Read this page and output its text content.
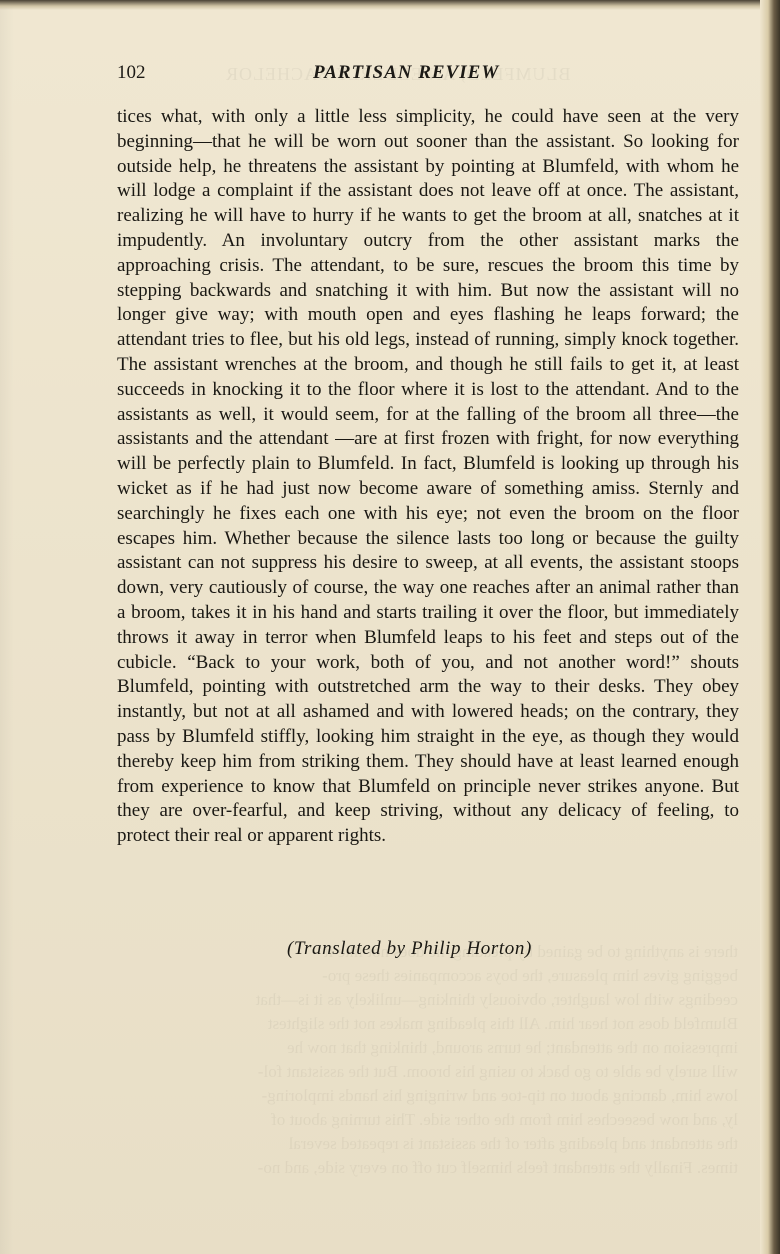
102	PARTISAN REVIEW

tices what, with only a little less simplicity, he could have seen at the very beginning—that he will be worn out sooner than the assistant. So looking for outside help, he threatens the assistant by pointing at Blumfeld, with whom he will lodge a complaint if the assistant does not leave off at once. The assistant, realizing he will have to hurry if he wants to get the broom at all, snatches at it impudently. An involuntary outcry from the other assistant marks the approaching crisis. The attendant, to be sure, rescues the broom this time by stepping backwards and snatching it with him. But now the assistant will no longer give way; with mouth open and eyes flashing he leaps forward; the attendant tries to flee, but his old legs, instead of running, simply knock together. The assistant wrenches at the broom, and though he still fails to get it, at least succeeds in knocking it to the floor where it is lost to the attendant. And to the assistants as well, it would seem, for at the falling of the broom all three—the assistants and the attendant —are at first frozen with fright, for now everything will be perfectly plain to Blumfeld. In fact, Blumfeld is looking up through his wicket as if he had just now become aware of something amiss. Sternly and searchingly he fixes each one with his eye; not even the broom on the floor escapes him. Whether because the silence lasts too long or because the guilty assistant can not suppress his desire to sweep, at all events, the assistant stoops down, very cautiously of course, the way one reaches after an animal rather than a broom, takes it in his hand and starts trailing it over the floor, but immediately throws it away in terror when Blumfeld leaps to his feet and steps out of the cubicle. “Back to your work, both of you, and not another word!” shouts Blumfeld, pointing with outstretched arm the way to their desks. They obey instantly, but not at all ashamed and with lowered heads; on the contrary, they pass by Blumfeld stiffly, looking him straight in the eye, as though they would thereby keep him from striking them. They should have at least learned enough from experience to know that Blumfeld on principle never strikes anyone. But they are over-fearful, and keep striving, without any delicacy of feeling, to protect their real or apparent rights.

(Translated by Philip Horton)
